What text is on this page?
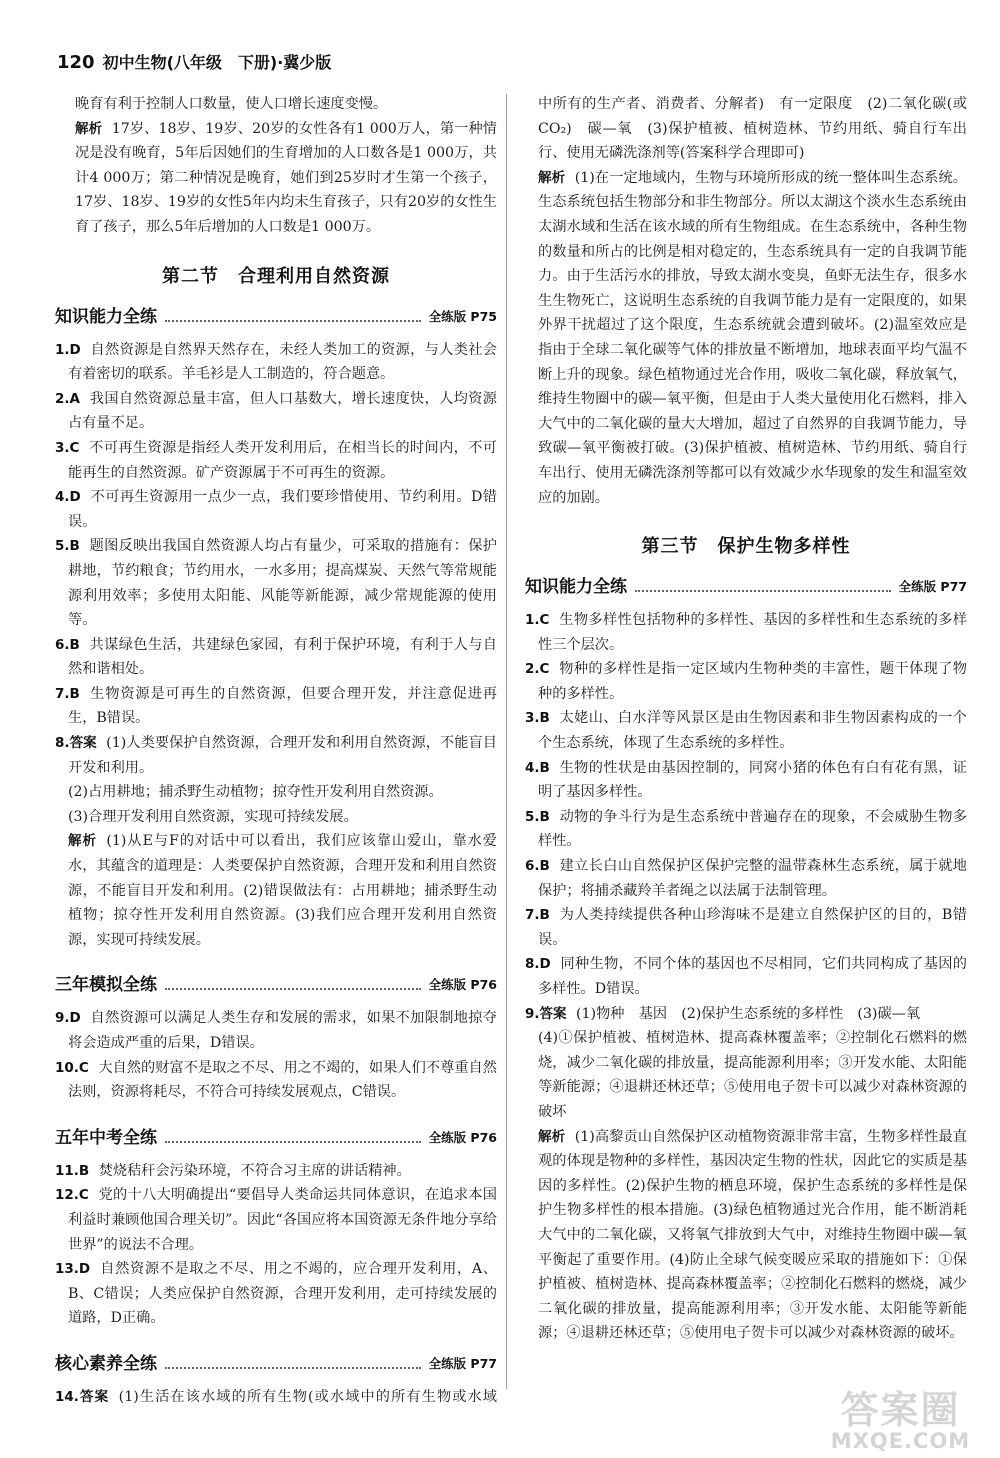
120 初中生物(八年级　下册)·冀少版
晚育有利于控制人口数量，使人口增长速度变慢。
解析 17岁、18岁、19岁、20岁的女性各有1 000万人，第一种情况是没有晚育，5年后因她们的生育增加的人口数各是1 000万，共计4 000万；第二种情况是晚育，她们到25岁时才生第一个孩子，17岁、18岁、19岁的女性5年内均未生育孩子，只有20岁的女性生育了孩子，那么5年后增加的人口数是1 000万。
第二节　合理利用自然资源
知识能力全练	全练版 P75
1.D 自然资源是自然界天然存在，未经人类加工的资源，与人类社会有着密切的联系。羊毛衫是人工制造的，符合题意。
2.A 我国自然资源总量丰富，但人口基数大，增长速度快，人均资源占有量不足。
3.C 不可再生资源是指经人类开发利用后，在相当长的时间内，不可能再生的自然资源。矿产资源属于不可再生的资源。
4.D 不可再生资源用一点少一点，我们要珍惜使用、节约利用。D错误。
5.B 题图反映出我国自然资源人均占有量少，可采取的措施有：保护耕地，节约粮食；节约用水，一水多用；提高煤炭、天然气等常规能源利用效率；多使用太阳能、风能等新能源，减少常规能源的使用等。
6.B 共谋绿色生活，共建绿色家园，有利于保护环境，有利于人与自然和谐相处。
7.B 生物资源是可再生的自然资源，但要合理开发，并注意促进再生，B错误。
8.答案 (1)人类要保护自然资源，合理开发和利用自然资源，不能盲目开发和利用。
(2)占用耕地；捕杀野生动植物；掠夺性开发利用自然资源。
(3)合理开发利用自然资源，实现可持续发展。
解析 (1)从E与F的对话中可以看出，我们应该靠山爱山，靠水爱水，其蕴含的道理是：人类要保护自然资源，合理开发和利用自然资源，不能盲目开发和利用。(2)错误做法有：占用耕地；捕杀野生动植物；掠夺性开发利用自然资源。(3)我们应合理开发利用自然资源，实现可持续发展。
三年模拟全练	全练版 P76
9.D 自然资源可以满足人类生存和发展的需求，如果不加限制地掠夺将会造成严重的后果，D错误。
10.C 大自然的财富不是取之不尽、用之不竭的，如果人们不尊重自然法则，资源将耗尽，不符合可持续发展观点，C错误。
五年中考全练	全练版 P76
11.B 焚烧秸秆会污染环境，不符合习主席的讲话精神。
12.C 党的十八大明确提出“要倡导人类命运共同体意识，在追求本国利益时兼顾他国合理关切”。因此“各国应将本国资源无条件地分享给世界”的说法不合理。
13.D 自然资源不是取之不尽、用之不竭的，应合理开发利用，A、B、C错误；人类应保护自然资源，合理开发利用，走可持续发展的道路，D正确。
核心素养全练	全练版 P77
14.答案 (1)生活在该水域的所有生物(或水域中的所有生物或水域
中所有的生产者、消费者、分解者)　有一定限度　(2)二氧化碳(或CO₂)　碳—氧　(3)保护植被、植树造林、节约用纸、骑自行车出行、使用无磷洗涤剂等(答案科学合理即可)
解析 (1)在一定地域内，生物与环境所形成的统一整体叫生态系统。生态系统包括生物部分和非生物部分。所以太湖这个淡水生态系统由太湖水域和生活在该水域的所有生物组成。在生态系统中，各种生物的数量和所占的比例是相对稳定的，生态系统具有一定的自我调节能力。由于生活污水的排放，导致太湖水变臭，鱼虾无法生存，很多水生生物死亡，这说明生态系统的自我调节能力是有一定限度的，如果外界干扰超过了这个限度，生态系统就会遭到破坏。(2)温室效应是指由于全球二氧化碳等气体的排放量不断增加，地球表面平均气温不断上升的现象。绿色植物通过光合作用，吸收二氧化碳，释放氧气，维持生物圈中的碳—氧平衡，但是由于人类大量使用化石燃料，排入大气中的二氧化碳的量大大增加，超过了自然界的自我调节能力，导致碳—氧平衡被打破。(3)保护植被、植树造林、节约用纸、骑自行车出行、使用无磷洗涤剂等都可以有效减少水华现象的发生和温室效应的加剧。
第三节　保护生物多样性
知识能力全练	全练版 P77
1.C 生物多样性包括物种的多样性、基因的多样性和生态系统的多样性三个层次。
2.C 物种的多样性是指一定区域内生物种类的丰富性，题干体现了物种的多样性。
3.B 太姥山、白水洋等风景区是由生物因素和非生物因素构成的一个个生态系统，体现了生态系统的多样性。
4.B 生物的性状是由基因控制的，同窝小猪的体色有白有花有黑，证明了基因多样性。
5.B 动物的争斗行为是生态系统中普遍存在的现象，不会威胁生物多样性。
6.B 建立长白山自然保护区保护完整的温带森林生态系统，属于就地保护；将捕杀藏羚羊者绳之以法属于法制管理。
7.B 为人类持续提供各种山珍海味不是建立自然保护区的目的，B错误。
8.D 同种生物，不同个体的基因也不尽相同，它们共同构成了基因的多样性。D错误。
9.答案 (1)物种　基因　(2)保护生态系统的多样性　(3)碳—氧
(4)①保护植被、植树造林、提高森林覆盖率；②控制化石燃料的燃烧，减少二氧化碳的排放量，提高能源利用率；③开发水能、太阳能等新能源；④退耕还林还草；⑤使用电子贺卡可以减少对森林资源的破坏
解析 (1)高黎贡山自然保护区动植物资源非常丰富，生物多样性最直观的体现是物种的多样性，基因决定生物的性状，因此它的实质是基因的多样性。(2)保护生物的栖息环境，保护生态系统的多样性是保护生物多样性的根本措施。(3)绿色植物通过光合作用，能不断消耗大气中的二氧化碳，又将氧气排放到大气中，对维持生物圈中碳—氧平衡起了重要作用。(4)防止全球气候变暖应采取的措施如下：①保护植被、植树造林、提高森林覆盖率；②控制化石燃料的燃烧，减少二氧化碳的排放量，提高能源利用率；③开发水能、太阳能等新能源；④退耕还林还草；⑤使用电子贺卡可以减少对森林资源的破坏。
答案圈
MXQE.COM
